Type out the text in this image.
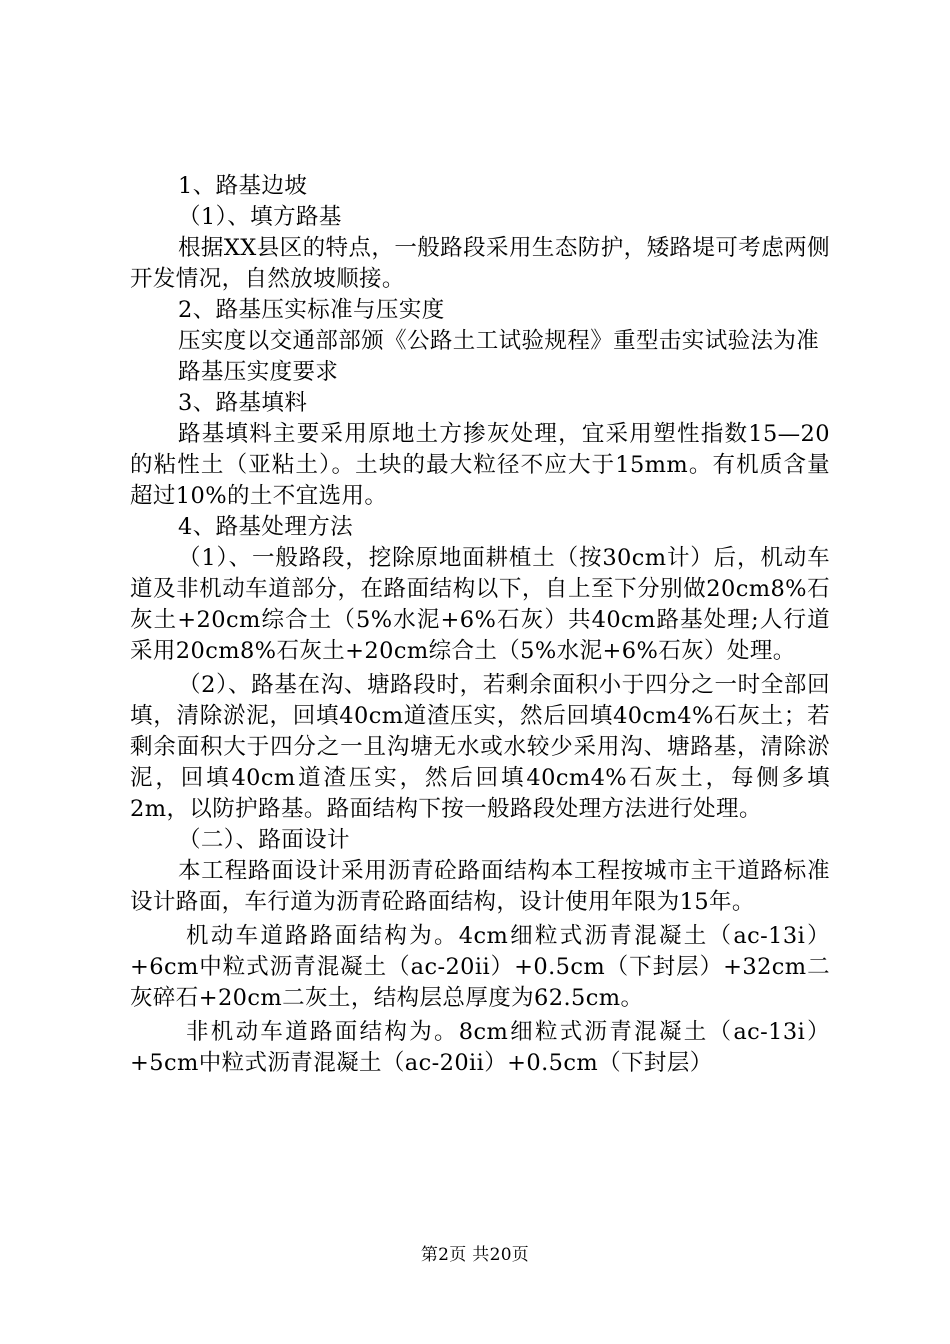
1、路基边坡

（1）、填方路基

根据XX县区的特点，一般路段采用生态防护，矮路堤可考虑两侧开发情况，自然放坡顺接。

2、路基压实标准与压实度

压实度以交通部部颁《公路土工试验规程》重型击实试验法为准

路基压实度要求

3、路基填料

路基填料主要采用原地土方掺灰处理，宜采用塑性指数15—20的粘性土（亚粘土）。土块的最大粒径不应大于15mm。有机质含量超过10%的土不宜选用。

4、路基处理方法

（1）、一般路段，挖除原地面耕植土（按30cm计）后，机动车道及非机动车道部分，在路面结构以下，自上至下分别做20cm8%石灰土+20cm综合土（5%水泥+6%石灰）共40cm路基处理;人行道采用20cm8%石灰土+20cm综合土（5%水泥+6%石灰）处理。

（2）、路基在沟、塘路段时，若剩余面积小于四分之一时全部回填，清除淤泥，回填40cm道渣压实，然后回填40cm4%石灰土；若剩余面积大于四分之一且沟塘无水或水较少采用沟、塘路基，清除淤泥，回填40cm道渣压实，然后回填40cm4%石灰土，每侧多填2m，以防护路基。路面结构下按一般路段处理方法进行处理。

（二）、路面设计

本工程路面设计采用沥青砼路面结构本工程按城市主干道路标准设计路面，车行道为沥青砼路面结构，设计使用年限为15年。

机动车道路路面结构为。4cm细粒式沥青混凝土（ac-13i）+6cm中粒式沥青混凝土（ac-20ii）+0.5cm（下封层）+32cm二灰碎石+20cm二灰土，结构层总厚度为62.5cm。

非机动车道路面结构为。8cm细粒式沥青混凝土（ac-13i）+5cm中粒式沥青混凝土（ac-20ii）+0.5cm（下封层）

第2页 共20页
